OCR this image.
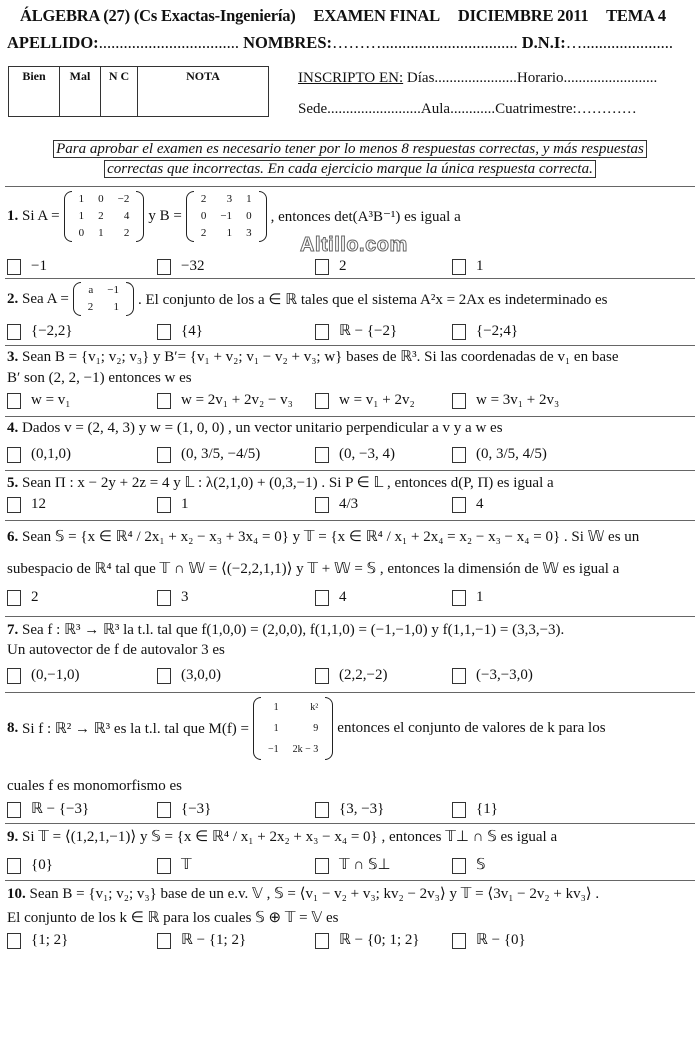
ÁLGEBRA (27) (Cs Exactas-Ingeniería) EXAMEN FINAL DICIEMBRE 2011 TEMA 4
APELLIDO:.................................. NOMBRES:………................................. D.N.I:…......................
Bien	Mal	N C	NOTA	INSCRIPTO EN: Días......................Horario.........................
Sede.........................Aula............Cuatrimestre:…………
Para aprobar el examen es necesario tener por lo menos 8 respuestas correctas, y más respuestas
correctas que incorrectas. En cada ejercicio marque la única respuesta correcta.
1.
Si A =
1	0	−2
1	2	4
0	1	2
y B =
2	3	1
0	−1	0
2	1	3
, entonces det(A³B⁻¹) es igual a
Altillo.com
2.
Sea A =
a	−1
2	1 . El conjunto de los a ∈ ℝ tales que el sistema A²x = 2Ax es indeterminado es
3. Sean B = {v₁; v₂; v₃} y B′= {v₁ + v₂; v₁ − v₂ + v₃; w} bases de ℝ³. Si las coordenadas de v₁ en base
B′ son (2, 2, −1) entonces w es
4. Dados v = (2, 4, 3) y w = (1, 0, 0) , un vector unitario perpendicular a v y a w es
5. Sean Π : x − 2y + 2z = 4 y 𝕃 : λ(2,1,0) + (0,3,−1) . Si P ∈ 𝕃 , entonces d(P, Π) es igual a
6. Sean 𝕊 = {x ∈ ℝ⁴ / 2x₁ + x₂ − x₃ + 3x₄ = 0} y 𝕋 = {x ∈ ℝ⁴ / x₁ + 2x₄ = x₂ − x₃ − x₄ = 0} . Si 𝕎 es un
subespacio de ℝ⁴ tal que 𝕋 ∩ 𝕎 = ⟨(−2,2,1,1)⟩ y 𝕋 + 𝕎 = 𝕊 , entonces la dimensión de 𝕎 es igual a
7. Sea f : ℝ³ → ℝ³ la t.l. tal que f(1,0,0) = (2,0,0), f(1,1,0) = (−1,−1,0) y f(1,1,−1) = (3,3,−3).
Un autovector de f de autovalor 3 es
8.
Si f : ℝ² → ℝ³ es la t.l. tal que M(f) =
1	k²
1	9
−1	2k − 3
entonces el conjunto de valores de k para los
cuales f es monomorfismo es
9. Si 𝕋 = ⟨(1,2,1,−1)⟩ y 𝕊 = {x ∈ ℝ⁴ / x₁ + 2x₂ + x₃ − x₄ = 0} , entonces 𝕋⊥ ∩ 𝕊 es igual a
10. Sean B = {v₁; v₂; v₃} base de un e.v. 𝕍 , 𝕊 = ⟨v₁ − v₂ + v₃; kv₂ − 2v₃⟩ y 𝕋 = ⟨3v₁ − 2v₂ + kv₃⟩ .
El conjunto de los k ∈ ℝ para los cuales 𝕊 ⊕ 𝕋 = 𝕍 es
−1	−32	2	1
{−2,2}	{4}	ℝ − {−2}	{−2;4}
w = v₁	w = 2v₁ + 2v₂ − v₃	w = v₁ + 2v₂	w = 3v₁ + 2v₃
(0,1,0)	(0, 3/5, −4/5)	(0, −3, 4)	(0, 3/5, 4/5)
12	1	4/3	4
2	3	4	1
(0,−1,0)	(3,0,0)	(2,2,−2)	(−3,−3,0)
ℝ − {−3}	{−3}	{3, −3}	{1}
{0}	𝕋	𝕋 ∩ 𝕊⊥	𝕊
{1; 2}	ℝ − {1; 2}	ℝ − {0; 1; 2}	ℝ − {0}
